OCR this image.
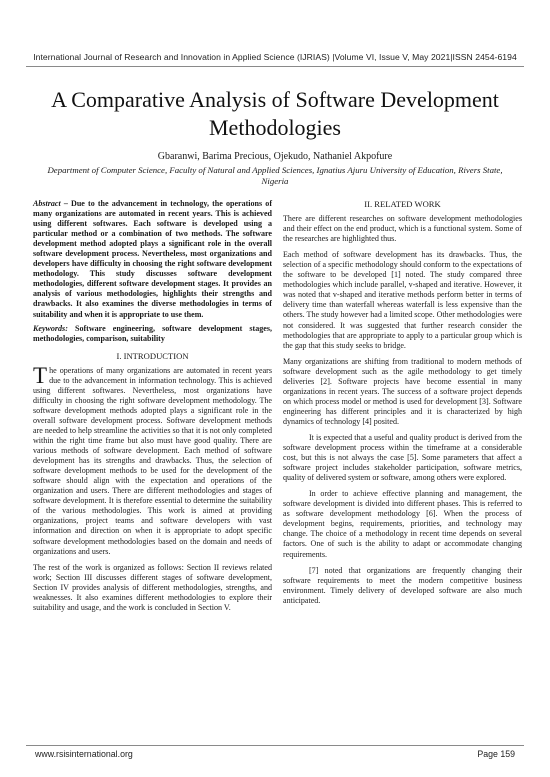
International Journal of Research and Innovation in Applied Science (IJRIAS) |Volume VI, Issue V, May 2021|ISSN 2454-6194
A Comparative Analysis of Software Development Methodologies
Gbaranwi, Barima Precious, Ojekudo, Nathaniel Akpofure
Department of Computer Science, Faculty of Natural and Applied Sciences, Ignatius Ajuru University of Education, Rivers State, Nigeria

Abstract – Due to the advancement in technology, the operations of many organizations are automated in recent years. This is achieved using different softwares. Each software is developed using a particular method or a combination of two methods. The software development method adopted plays a significant role in the overall software development process. Nevertheless, most organizations and developers have difficulty in choosing the right software development methodology. This study discusses software development methodologies, different software development stages. It provides an analysis of various methodologies, highlights their strengths and drawbacks. It also examines the diverse methodologies in terms of suitability and when it is appropriate to use them.

Keywords: Software engineering, software development stages, methodologies, comparison, suitability

I. INTRODUCTION

The operations of many organizations are automated in recent years due to the advancement in information technology. This is achieved using different softwares. Nevertheless, most organizations have difficulty in choosing the right software development methodology. The software development methods adopted plays a significant role in the overall software development process. Software development methods are needed to help streamline the activities so that it is not only completed within the right time frame but also must have good quality. There are various methods of software development. Each method of software development has its strengths and drawbacks. Thus, the selection of software development methods to be used for the development of the software should align with the expectation and operations of the organization and users. There are different methodologies and stages of software development. It is therefore essential to determine the suitability of the various methodologies. This work is aimed at providing organizations, project teams and software developers with vast information and direction on when it is appropriate to adopt specific software development methodologies based on the domain and needs of organizations and users.

The rest of the work is organized as follows: Section II reviews related work; Section III discusses different stages of software development, Section IV provides analysis of different methodologies, strengths, and weaknesses. It also examines different methodologies to explore their suitability and usage, and the work is concluded in Section V.

II. RELATED WORK

There are different researches on software development methodologies and their effect on the end product, which is a functional system. Some of the researches are highlighted thus.

Each method of software development has its drawbacks. Thus, the selection of a specific methodology should conform to the expectations of the software to be developed [1] noted. The study compared three methodologies which include parallel, v-shaped and iterative. However, it was noted that v-shaped and iterative methods perform better in terms of delivery time than waterfall whereas waterfall is less expensive than the others. The study however had a limited scope. Other methodologies were not considered. It was suggested that further research consider the methodologies that are appropriate to apply to a particular group which is the gap that this study seeks to bridge.

Many organizations are shifting from traditional to modern methods of software development such as the agile methodology to get timely deliveries [2]. Software projects have become essential in many organizations in recent years. The success of a software project depends on which process model or method is used for development [3]. Software engineering has different principles and it is characterized by high dynamics of technology [4] posited.

It is expected that a useful and quality product is derived from the software development process within the timeframe at a considerable cost, but this is not always the case [5]. Some parameters that affect a software project includes stakeholder participation, software metrics, quality of delivered system or software, among others were explored.

In order to achieve effective planning and management, the software development is divided into different phases. This is referred to as software development methodology [6]. When the process of development begins, requirements, priorities, and technology may change. The choice of a methodology in recent time depends on several factors. One of such is the ability to adapt or accommodate changing requirements.

[7] noted that organizations are frequently changing their software requirements to meet the modern competitive business environment. Timely delivery of developed software are also much anticipated.

www.rsisinternational.org	Page 159
